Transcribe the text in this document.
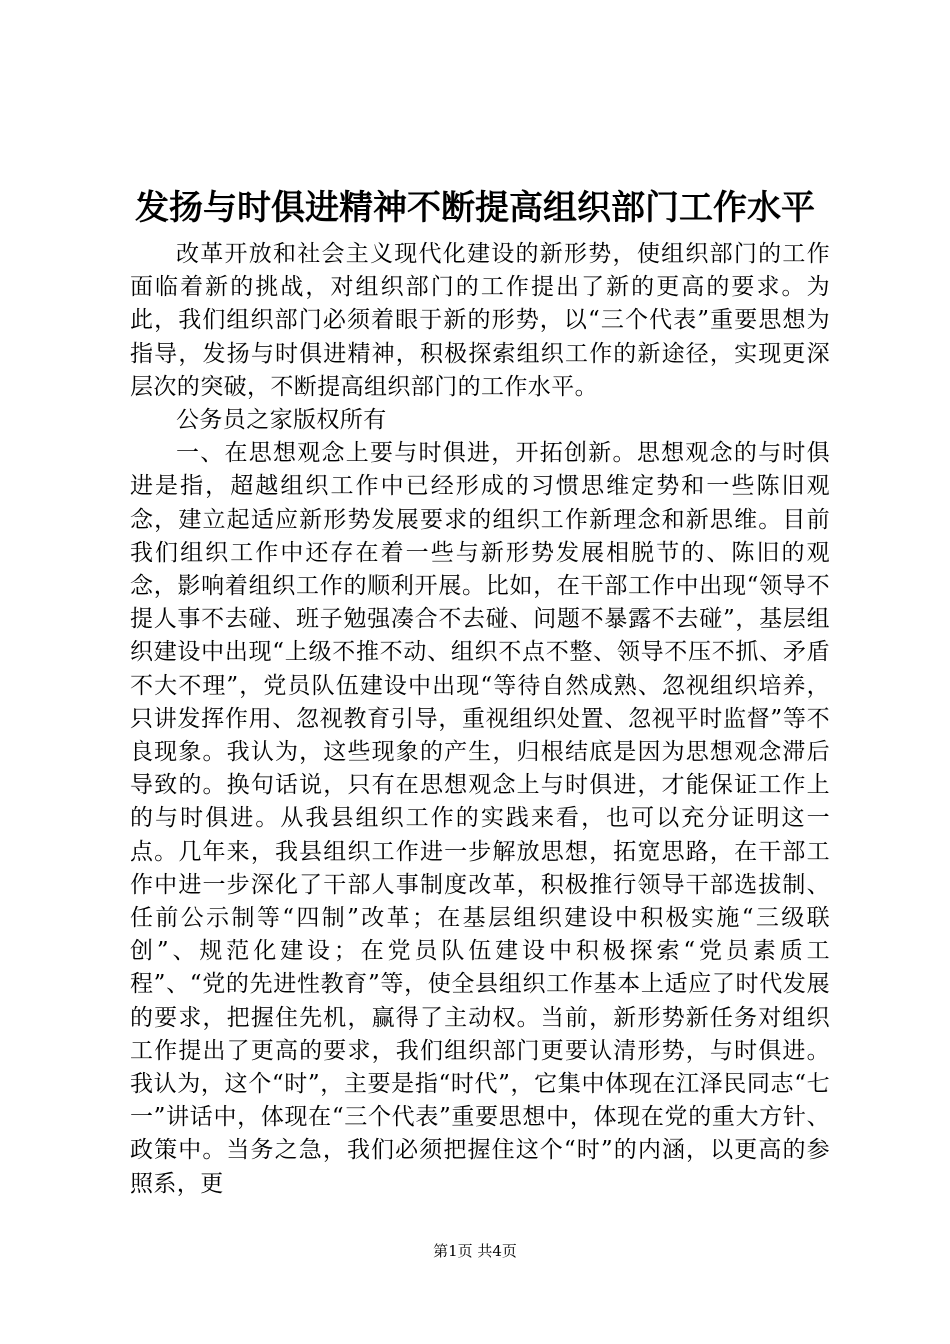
发扬与时俱进精神不断提高组织部门工作水平

改革开放和社会主义现代化建设的新形势，使组织部门的工作面临着新的挑战，对组织部门的工作提出了新的更高的要求。为此，我们组织部门必须着眼于新的形势，以“三个代表”重要思想为指导，发扬与时俱进精神，积极探索组织工作的新途径，实现更深层次的突破，不断提高组织部门的工作水平。

公务员之家版权所有

一、在思想观念上要与时俱进，开拓创新。思想观念的与时俱进是指，超越组织工作中已经形成的习惯思维定势和一些陈旧观念，建立起适应新形势发展要求的组织工作新理念和新思维。目前我们组织工作中还存在着一些与新形势发展相脱节的、陈旧的观念，影响着组织工作的顺利开展。比如，在干部工作中出现“领导不提人事不去碰、班子勉强凑合不去碰、问题不暴露不去碰”，基层组织建设中出现“上级不推不动、组织不点不整、领导不压不抓、矛盾不大不理”，党员队伍建设中出现“等待自然成熟、忽视组织培养，只讲发挥作用、忽视教育引导，重视组织处置、忽视平时监督”等不良现象。我认为，这些现象的产生，归根结底是因为思想观念滞后导致的。换句话说，只有在思想观念上与时俱进，才能保证工作上的与时俱进。从我县组织工作的实践来看，也可以充分证明这一点。几年来，我县组织工作进一步解放思想，拓宽思路，在干部工作中进一步深化了干部人事制度改革，积极推行领导干部选拔制、任前公示制等“四制”改革；在基层组织建设中积极实施“三级联创”、规范化建设；在党员队伍建设中积极探索“党员素质工程”、“党的先进性教育”等，使全县组织工作基本上适应了时代发展的要求，把握住先机，赢得了主动权。当前，新形势新任务对组织工作提出了更高的要求，我们组织部门更要认清形势，与时俱进。我认为，这个“时”，主要是指“时代”，它集中体现在江泽民同志“七一”讲话中，体现在“三个代表”重要思想中，体现在党的重大方针、政策中。当务之急，我们必须把握住这个“时”的内涵，以更高的参照系，更

第1页 共4页
